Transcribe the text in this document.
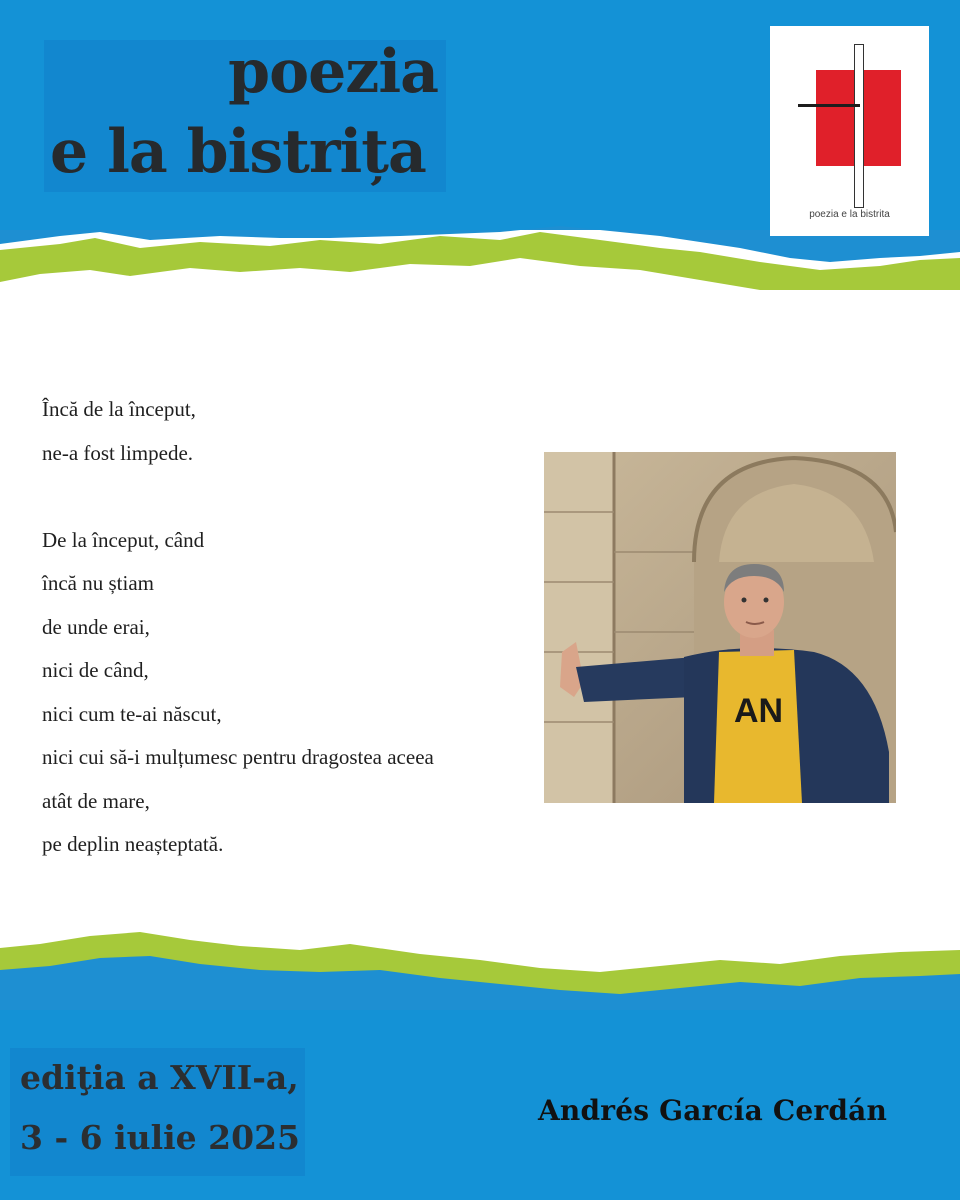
poezia
e la bistrița
poezia e la bistrita
Încă de la început,
ne-a fost limpede.
De la început, când
încă nu știam
de unde erai,
nici de când,
nici cum te-ai născut,
nici cui să-i mulțumesc pentru dragostea aceea
atât de mare,
pe deplin neașteptată.
AN
ediţia a XVII-a,
3 - 6 iulie 2025
Andrés García Cerdán
